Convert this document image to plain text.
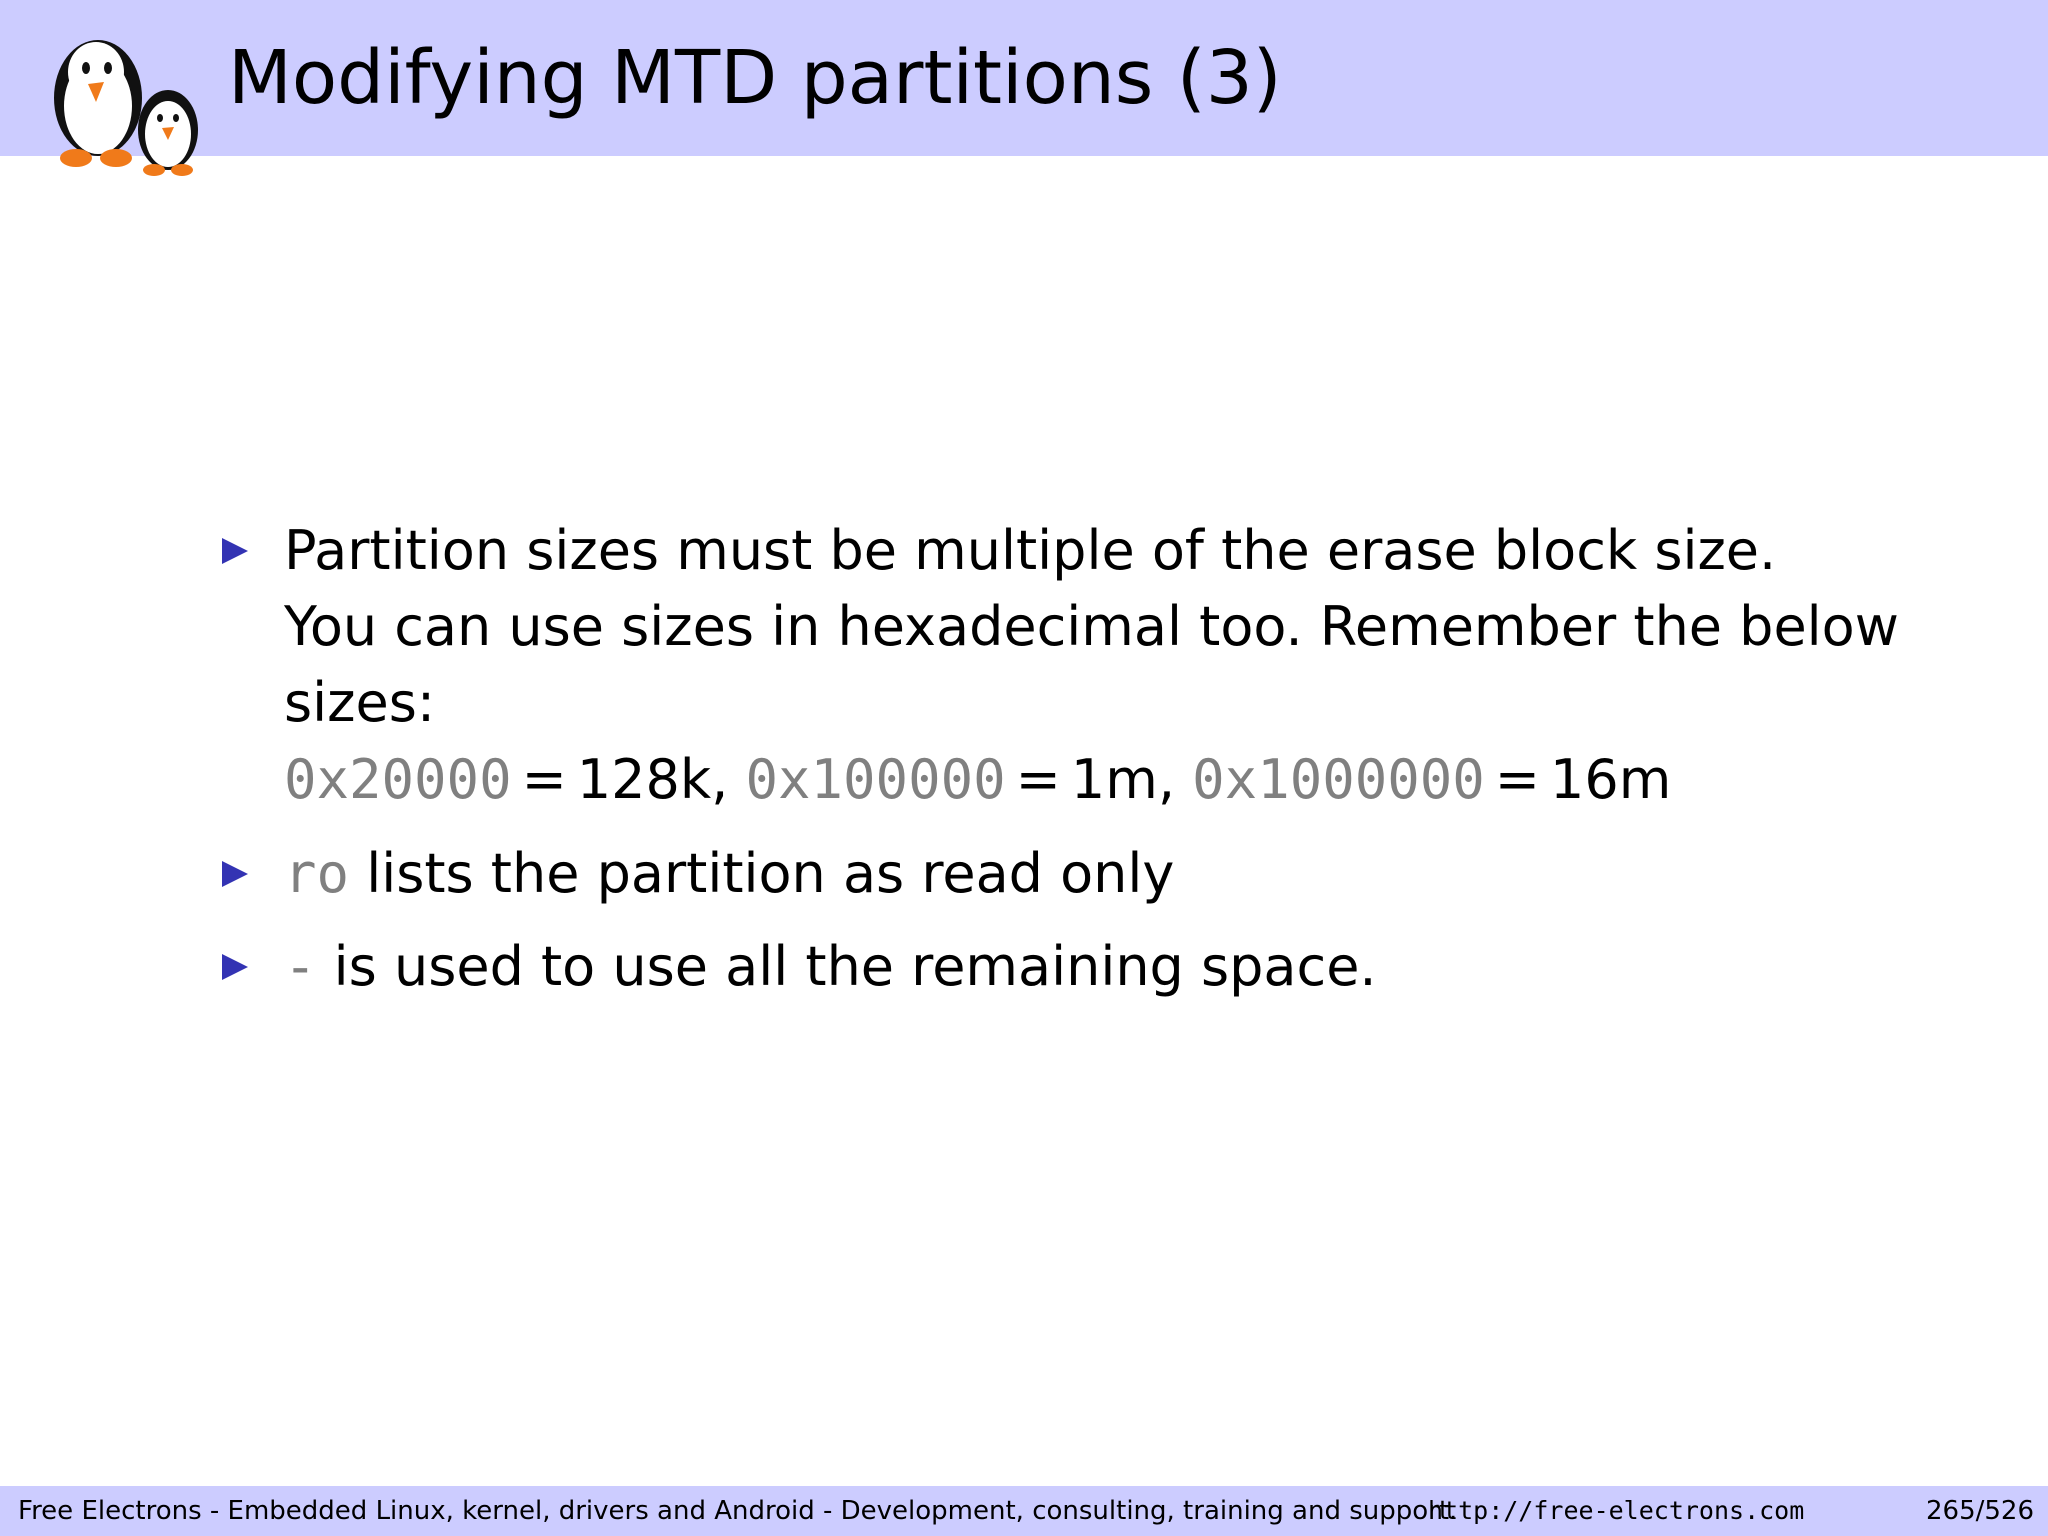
Modifying MTD partitions (3)
Partition sizes must be multiple of the erase block size.
You can use sizes in hexadecimal too. Remember the below
sizes:
0x20000 = 128k, 0x100000 = 1m, 0x1000000 = 16m
ro lists the partition as read only
- is used to use all the remaining space.
Free Electrons - Embedded Linux, kernel, drivers and Android - Development, consulting, training and support.
http://free-electrons.com	265/526
